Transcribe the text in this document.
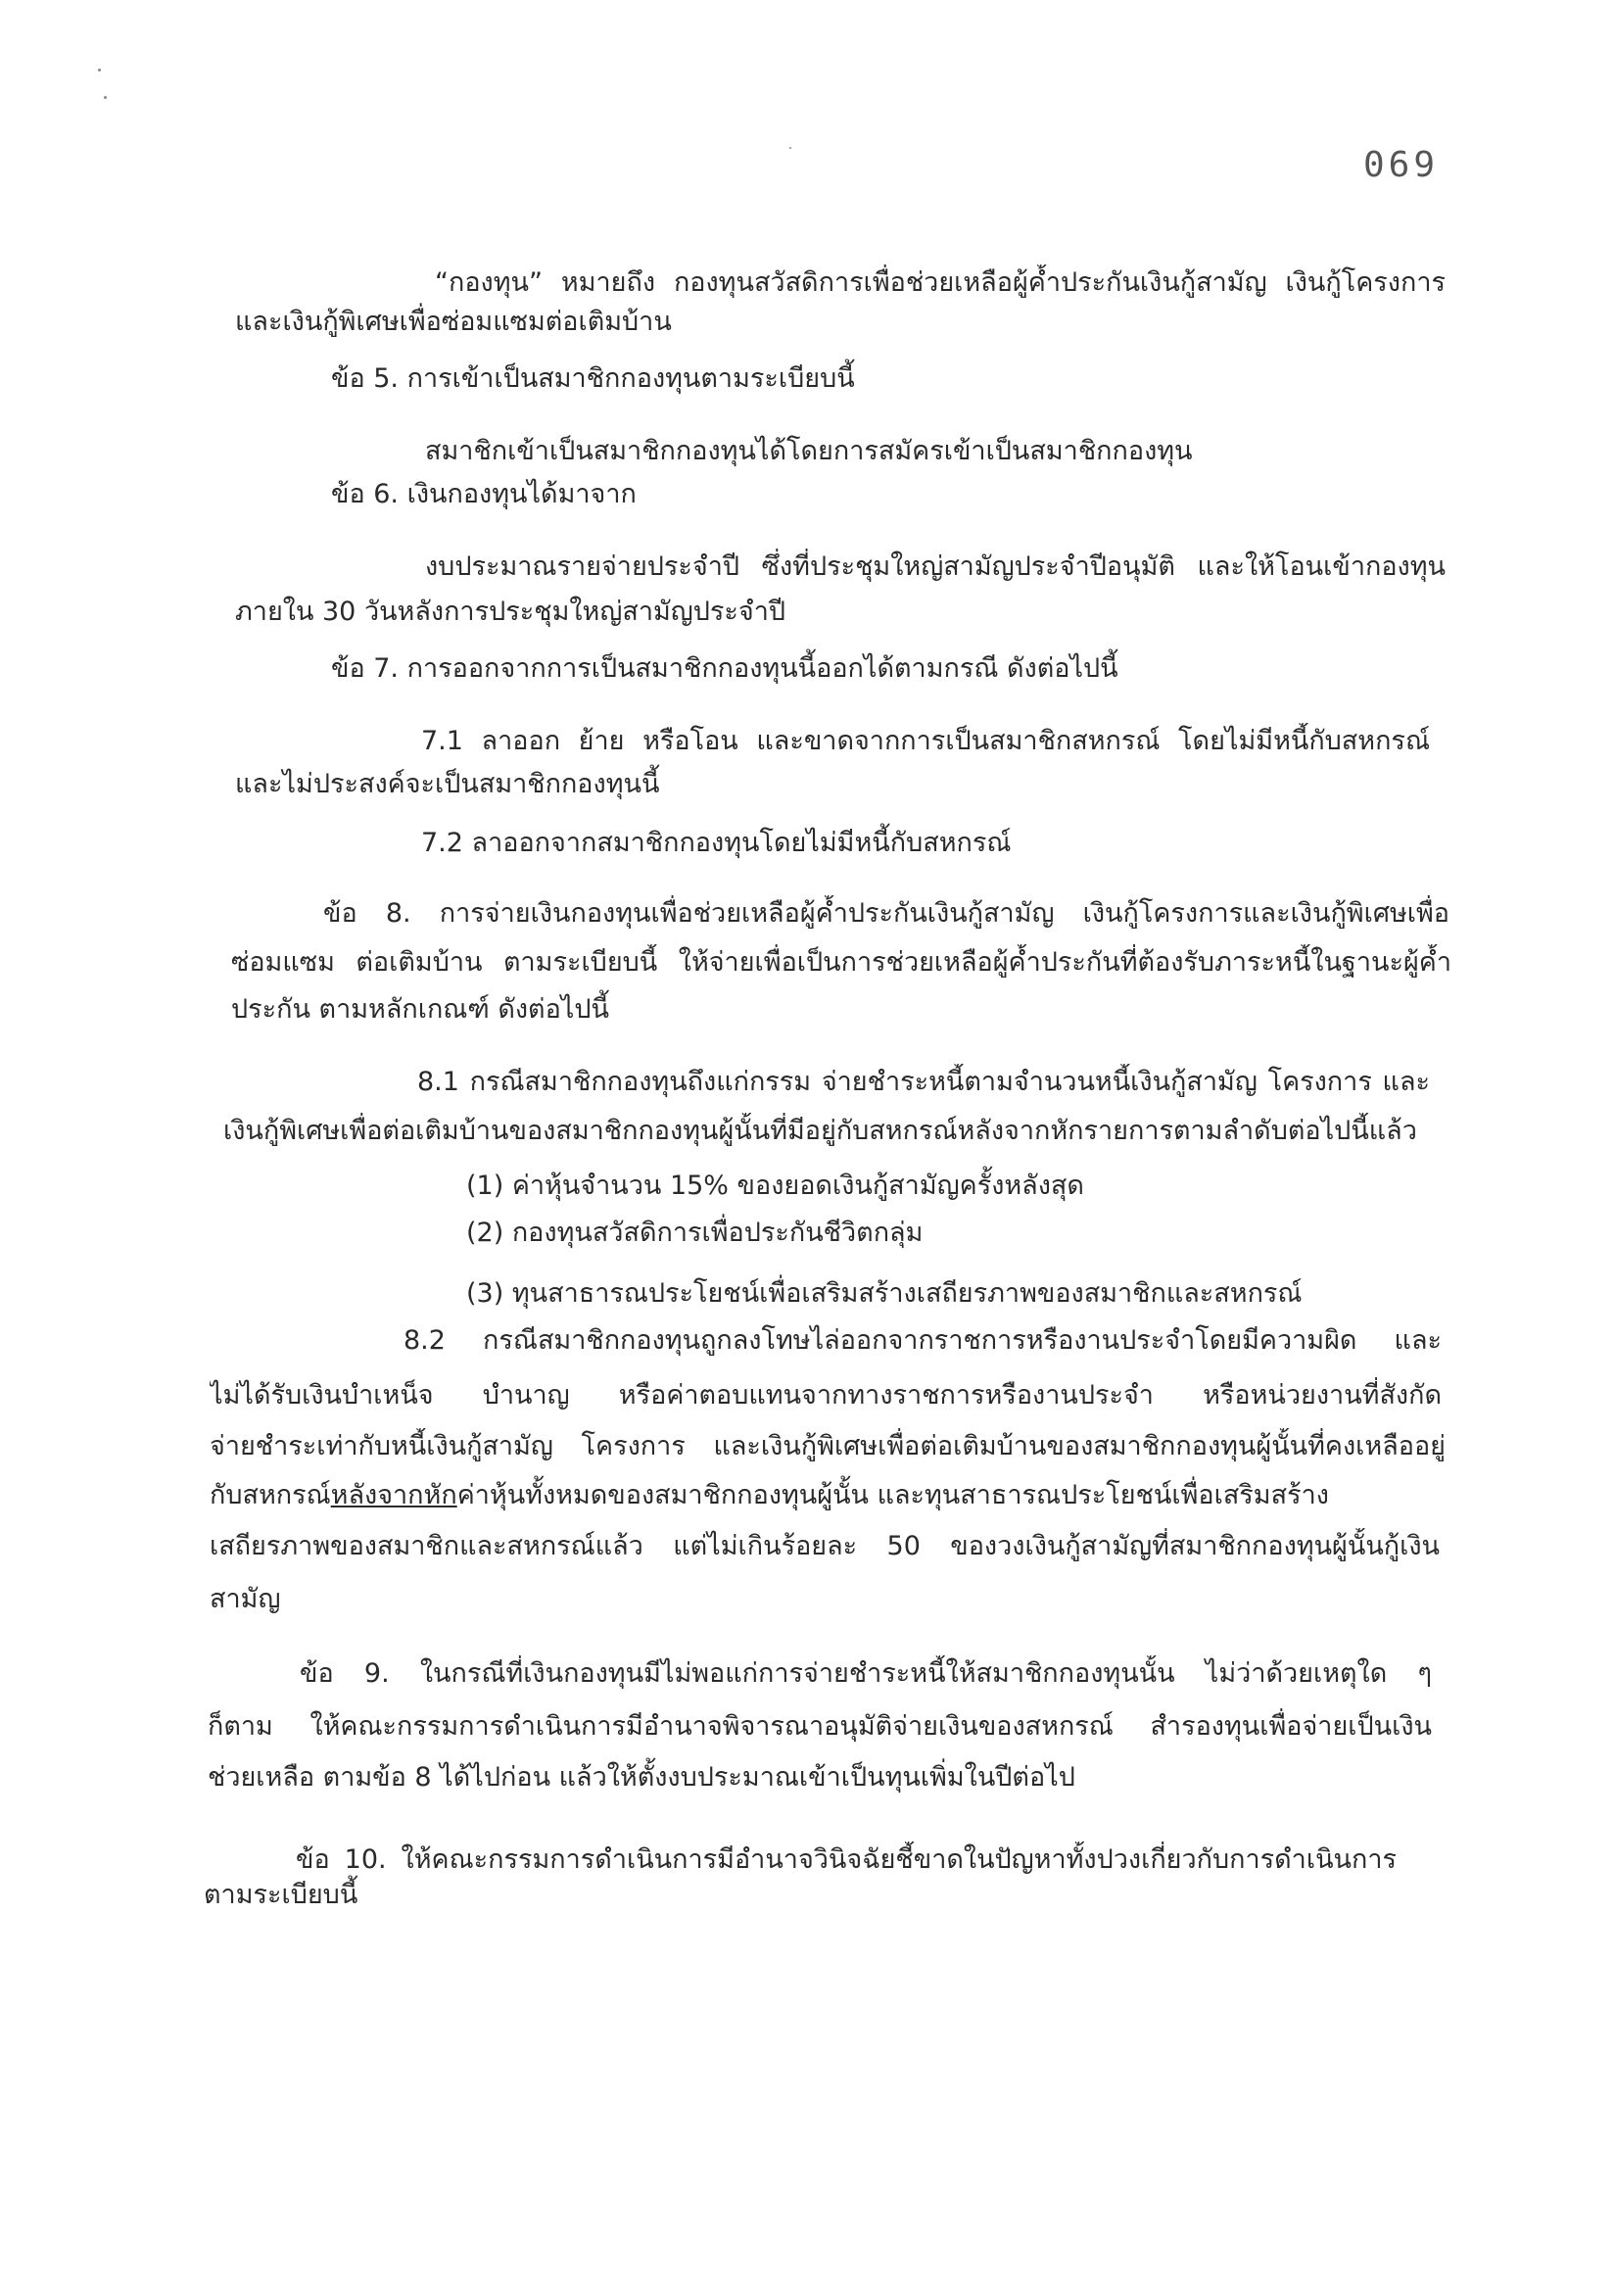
069
“กองทุน” หมายถึง กองทุนสวัสดิการเพื่อช่วยเหลือผู้ค้ำประกันเงินกู้สามัญ เงินกู้โครงการ
และเงินกู้พิเศษเพื่อซ่อมแซมต่อเติมบ้าน
ข้อ 5. การเข้าเป็นสมาชิกกองทุนตามระเบียบนี้
สมาชิกเข้าเป็นสมาชิกกองทุนได้โดยการสมัครเข้าเป็นสมาชิกกองทุน
ข้อ 6. เงินกองทุนได้มาจาก
งบประมาณรายจ่ายประจำปี ซึ่งที่ประชุมใหญ่สามัญประจำปีอนุมัติ และให้โอนเข้ากองทุน
ภายใน 30 วันหลังการประชุมใหญ่สามัญประจำปี
ข้อ 7. การออกจากการเป็นสมาชิกกองทุนนี้ออกได้ตามกรณี ดังต่อไปนี้
7.1 ลาออก ย้าย หรือโอน และขาดจากการเป็นสมาชิกสหกรณ์ โดยไม่มีหนี้กับสหกรณ์
และไม่ประสงค์จะเป็นสมาชิกกองทุนนี้
7.2 ลาออกจากสมาชิกกองทุนโดยไม่มีหนี้กับสหกรณ์
ข้อ 8. การจ่ายเงินกองทุนเพื่อช่วยเหลือผู้ค้ำประกันเงินกู้สามัญ เงินกู้โครงการและเงินกู้พิเศษเพื่อ
ซ่อมแซม ต่อเติมบ้าน ตามระเบียบนี้ ให้จ่ายเพื่อเป็นการช่วยเหลือผู้ค้ำประกันที่ต้องรับภาระหนี้ในฐานะผู้ค้ำ
ประกัน ตามหลักเกณฑ์ ดังต่อไปนี้
8.1 กรณีสมาชิกกองทุนถึงแก่กรรม จ่ายชำระหนี้ตามจำนวนหนี้เงินกู้สามัญ โครงการ และ
เงินกู้พิเศษเพื่อต่อเติมบ้านของสมาชิกกองทุนผู้นั้นที่มีอยู่กับสหกรณ์หลังจากหักรายการตามลำดับต่อไปนี้แล้ว
(1) ค่าหุ้นจำนวน 15% ของยอดเงินกู้สามัญครั้งหลังสุด
(2) กองทุนสวัสดิการเพื่อประกันชีวิตกลุ่ม
(3) ทุนสาธารณประโยชน์เพื่อเสริมสร้างเสถียรภาพของสมาชิกและสหกรณ์
8.2 กรณีสมาชิกกองทุนถูกลงโทษไล่ออกจากราชการหรืองานประจำโดยมีความผิด และ
ไม่ได้รับเงินบำเหน็จ บำนาญ หรือค่าตอบแทนจากทางราชการหรืองานประจำ หรือหน่วยงานที่สังกัด
จ่ายชำระเท่ากับหนี้เงินกู้สามัญ โครงการ และเงินกู้พิเศษเพื่อต่อเติมบ้านของสมาชิกกองทุนผู้นั้นที่คงเหลืออยู่
กับสหกรณ์หลังจากหักค่าหุ้นทั้งหมดของสมาชิกกองทุนผู้นั้น และทุนสาธารณประโยชน์เพื่อเสริมสร้าง
เสถียรภาพของสมาชิกและสหกรณ์แล้ว แต่ไม่เกินร้อยละ 50 ของวงเงินกู้สามัญที่สมาชิกกองทุนผู้นั้นกู้เงิน
สามัญ
ข้อ 9. ในกรณีที่เงินกองทุนมีไม่พอแก่การจ่ายชำระหนี้ให้สมาชิกกองทุนนั้น ไม่ว่าด้วยเหตุใด ๆ
ก็ตาม ให้คณะกรรมการดำเนินการมีอำนาจพิจารณาอนุมัติจ่ายเงินของสหกรณ์ สำรองทุนเพื่อจ่ายเป็นเงิน
ช่วยเหลือ ตามข้อ 8 ได้ไปก่อน แล้วให้ตั้งงบประมาณเข้าเป็นทุนเพิ่มในปีต่อไป
ข้อ 10. ให้คณะกรรมการดำเนินการมีอำนาจวินิจฉัยชี้ขาดในปัญหาทั้งปวงเกี่ยวกับการดำเนินการ
ตามระเบียบนี้
